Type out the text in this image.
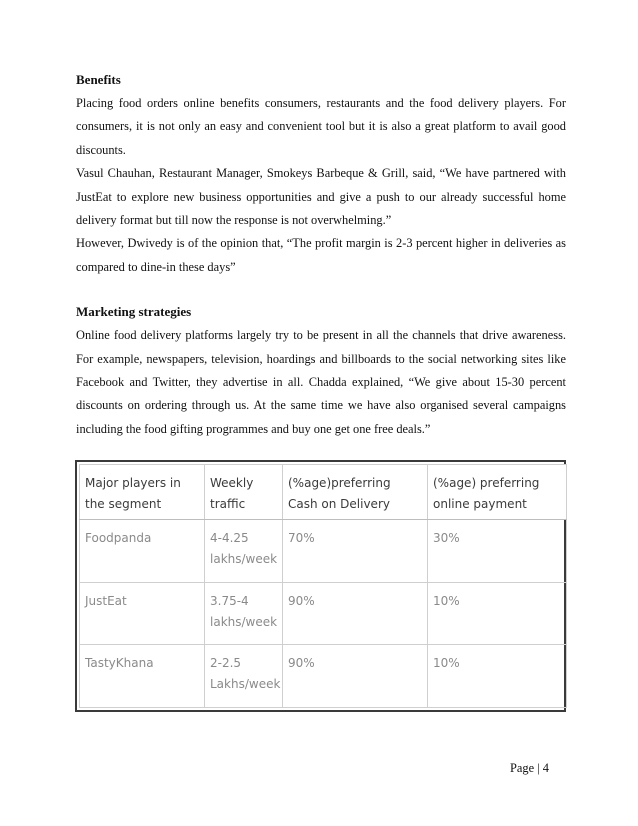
Benefits

Placing food orders online benefits consumers, restaurants and the food delivery players. For consumers, it is not only an easy and convenient tool but it is also a great platform to avail good discounts.

Vasul Chauhan, Restaurant Manager, Smokeys Barbeque & Grill, said, “We have partnered with JustEat to explore new business opportunities and give a push to our already successful home delivery format but till now the response is not overwhelming.”

However, Dwivedy is of the opinion that, “The profit margin is 2-3 percent higher in deliveries as compared to dine-in these days”

Marketing strategies

Online food delivery platforms largely try to be present in all the channels that drive awareness. For example, newspapers, television, hoardings and billboards to the social networking sites like Facebook and Twitter, they advertise in all. Chadda explained, “We give about 15-30 percent discounts on ordering through us. At the same time we have also organised several campaigns including the food gifting programmes and buy one get one free deals.”

Major players in the segment	Weekly traffic	(%age)preferring Cash on Delivery	(%age) preferring online payment
Foodpanda	4-4.25 lakhs/week	70%	30%
JustEat	3.75-4 lakhs/week	90%	10%
TastyKhana	2-2.5 Lakhs/week	90%	10%
Page | 4
